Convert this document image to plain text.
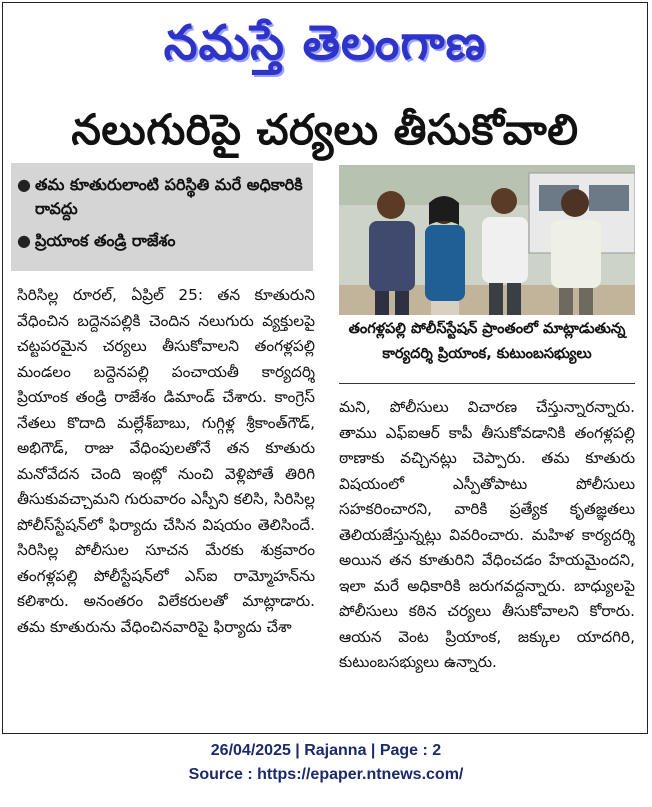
నమస్తే తెలంగాణ
నలుగురిపై చర్యలు తీసుకోవాలి
● తమ కూతురులాంటి పరిస్థితి మరే అధికారికి రావద్దు
● ప్రియాంక తండ్రి రాజేశం

సిరిసిల్ల రూరల్, ఏప్రిల్ 25: తన కూతురుని వేధించిన బద్దెనపల్లికి చెందిన నలుగురు వ్యక్తులపై చట్టపరమైన చర్యలు తీసుకోవాలని తంగళ్లపల్లి మండలం బద్దెనపల్లి పంచాయతీ కార్యదర్శి ప్రియాంక తండ్రి రాజేశం డిమాండ్ చేశారు. కాంగ్రెస్ నేతలు కొదాది మల్లేశ్‌బాబు, గుగ్గిళ్ల శ్రీకాంత్‌గౌడ్, అభిగౌడ్, రాజు వేధింపులతోనే తన కూతురు మనోవేదన చెంది ఇంట్లో నుంచి వెళ్లిపోతే తిరిగి తీసుకువచ్చామని గురువారం ఎస్పీని కలిసి, సిరిసిల్ల పోలీస్‌స్టేషన్‌లో ఫిర్యాదు చేసిన విషయం తెలిసిందే. సిరిసిల్ల పోలీసుల సూచన మేరకు శుక్రవారం తంగళ్లపల్లి పోలీస్టేషన్‌లో ఎస్ఐ రామ్మోహన్‌ను కలిశారు. అనంతరం విలేకరులతో మాట్లాడారు. తమ కూతురును వేధించినవారిపై ఫిర్యాదు చేశా

తంగళ్లపల్లి పోలీస్‌స్టేషన్ ప్రాంతంలో మాట్లాడుతున్న కార్యదర్శి ప్రియాంక, కుటుంబసభ్యులు

మని, పోలీసులు విచారణ చేస్తున్నారన్నారు. తాము ఎఫ్ఐఆర్ కాపీ తీసుకోవడానికి తంగళ్లపల్లి ఠాణాకు వచ్చినట్లు చెప్పారు. తమ కూతురు విషయంలో ఎస్పీతోపాటు పోలీసులు సహకరించారని, వారికి ప్రత్యేక కృతజ్ఞతలు తెలియజేస్తున్నట్లు వివరించారు. మహిళ కార్యదర్శి అయిన తన కూతురిని వేధించడం హేయమైందని, ఇలా మరే అధికారికి జరుగవద్దన్నారు. బాధ్యులపై పోలీసులు కఠిన చర్యలు తీసుకోవాలని కోరారు. ఆయన వెంట ప్రియాంక, జక్కుల యాదగిరి, కుటుంబసభ్యులు ఉన్నారు.

26/04/2025 | Rajanna | Page : 2
Source : https://epaper.ntnews.com/
